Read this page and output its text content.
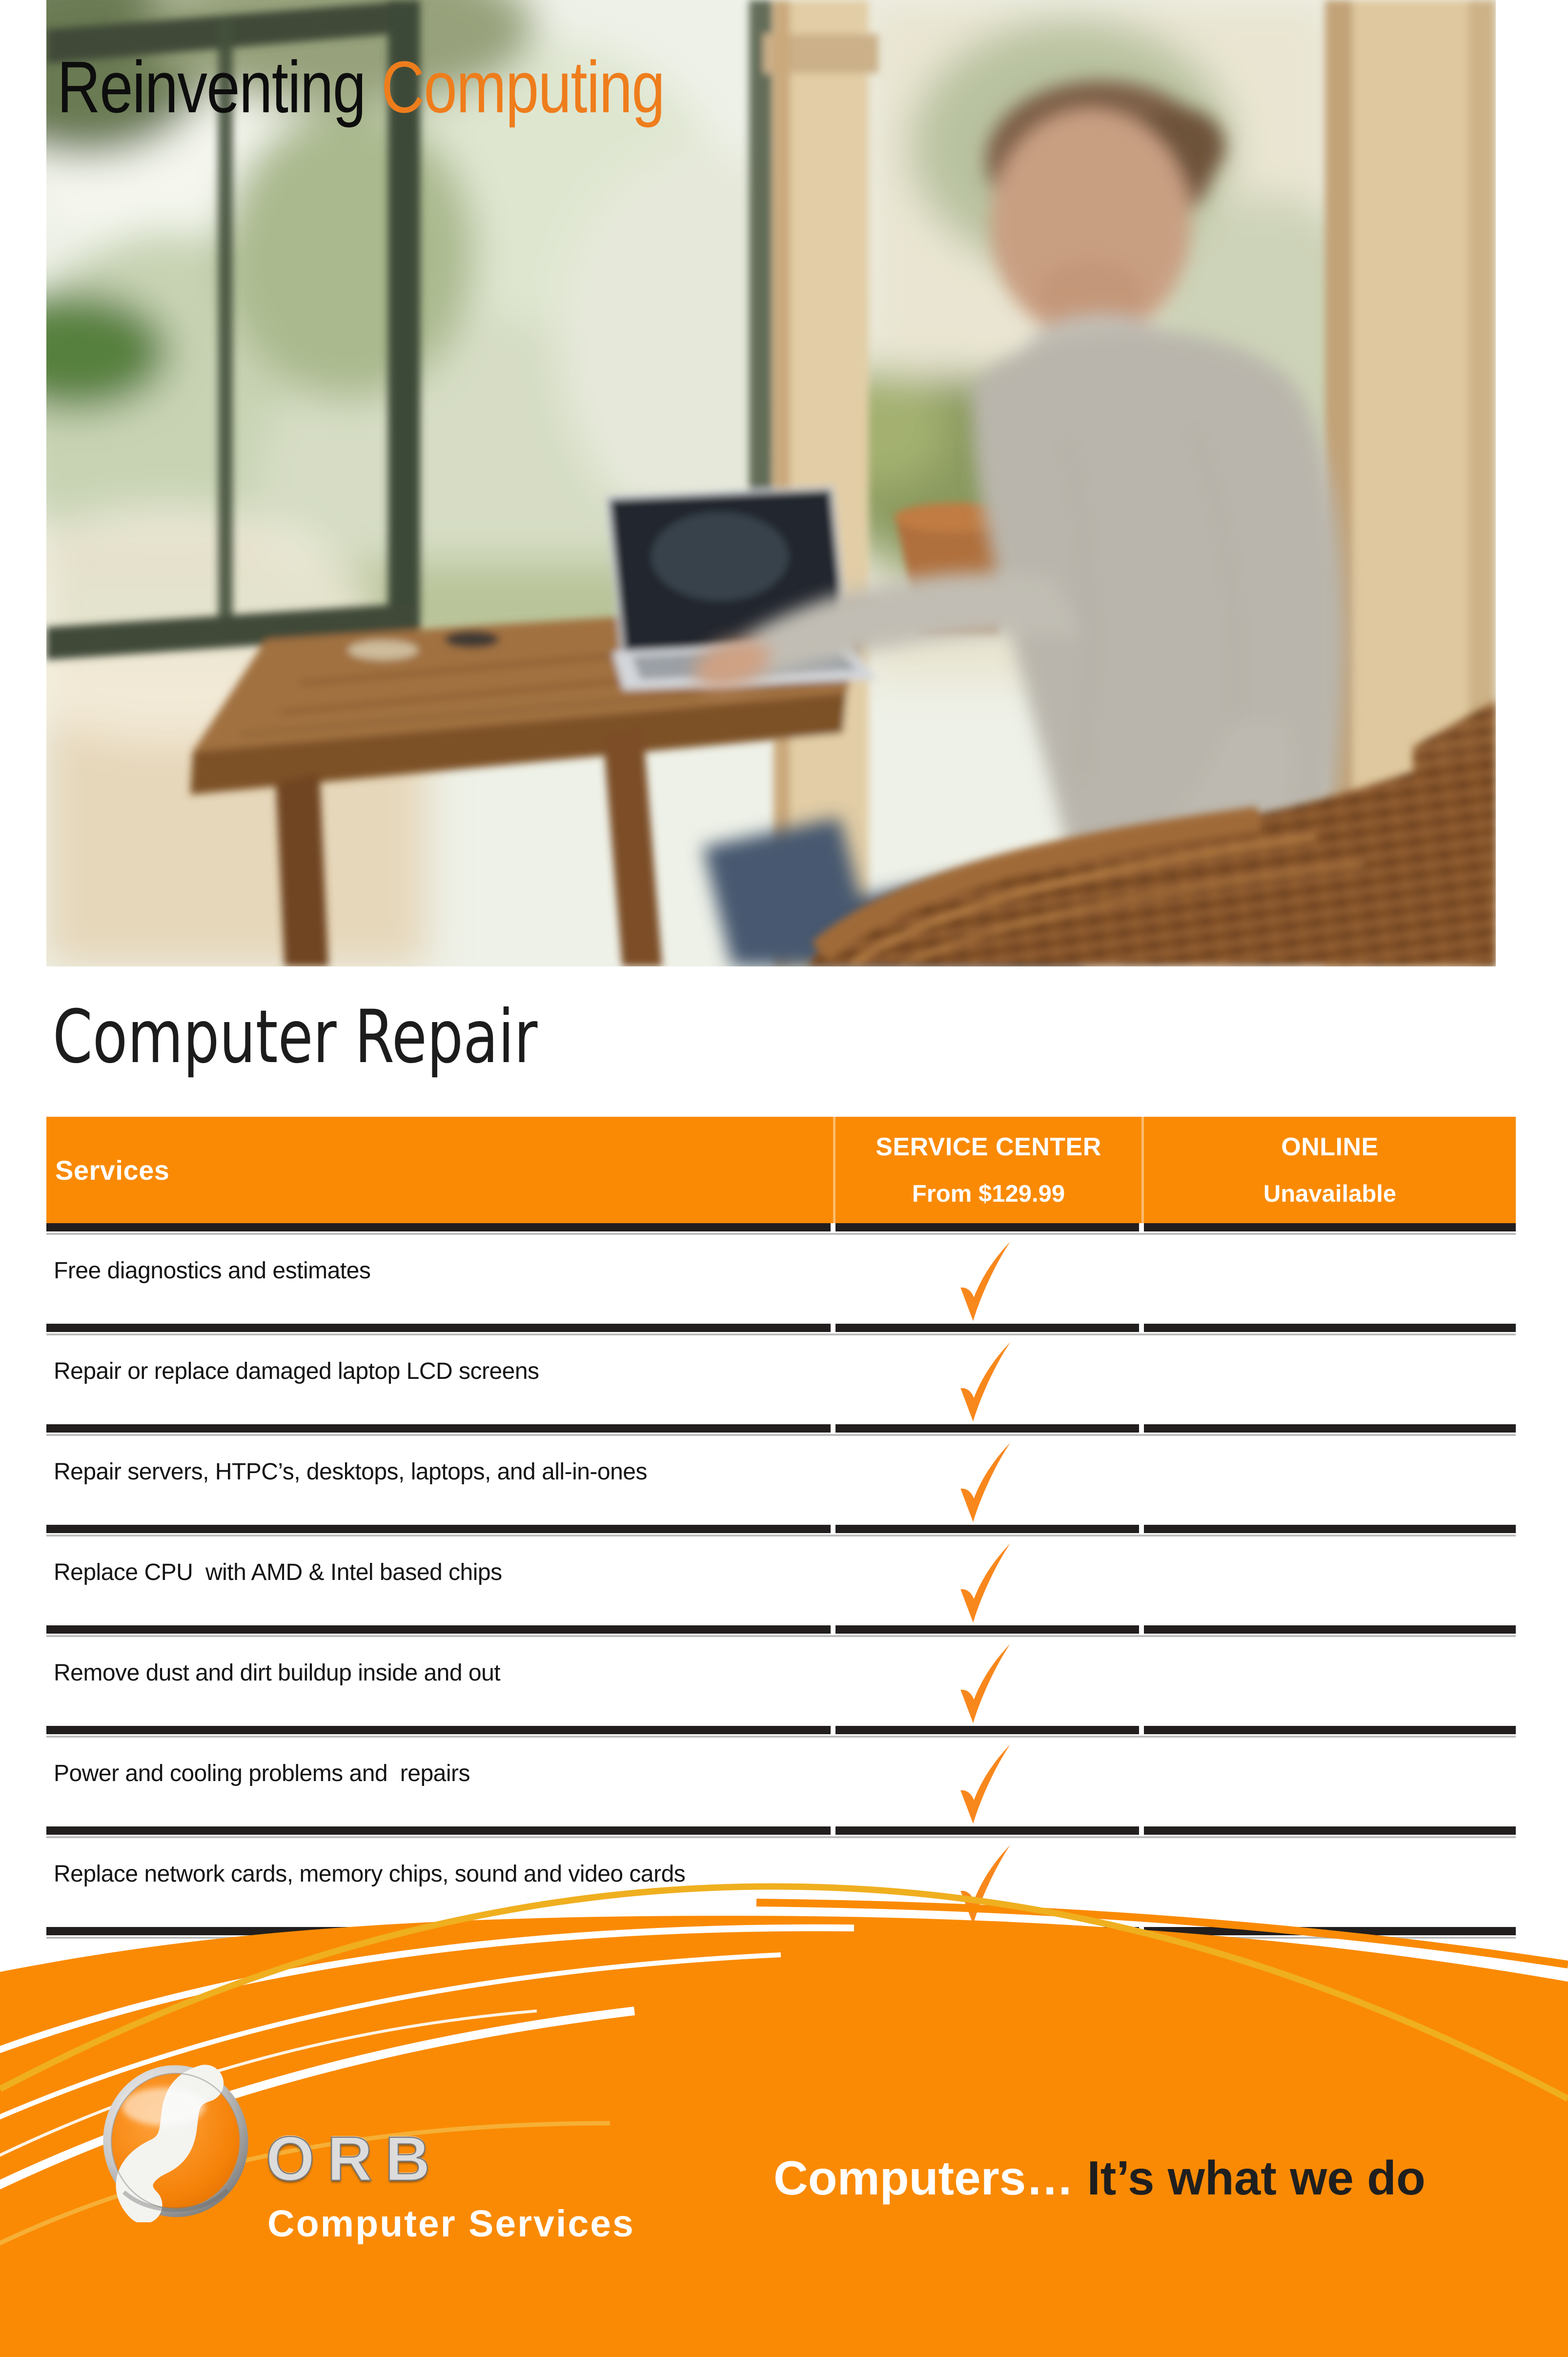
Reinventing Computing
Computer Repair
Services
SERVICE CENTER
From $129.99
ONLINE
Unavailable
Free diagnostics and estimates
Repair or replace damaged laptop LCD screens
Repair servers, HTPC’s, desktops, laptops, and all-in-ones
Replace CPU  with AMD & Intel based chips
Remove dust and dirt buildup inside and out
Power and cooling problems and  repairs
Replace network cards, memory chips, sound and video cards
ORB
Computer Services
Computers… It’s what we do
